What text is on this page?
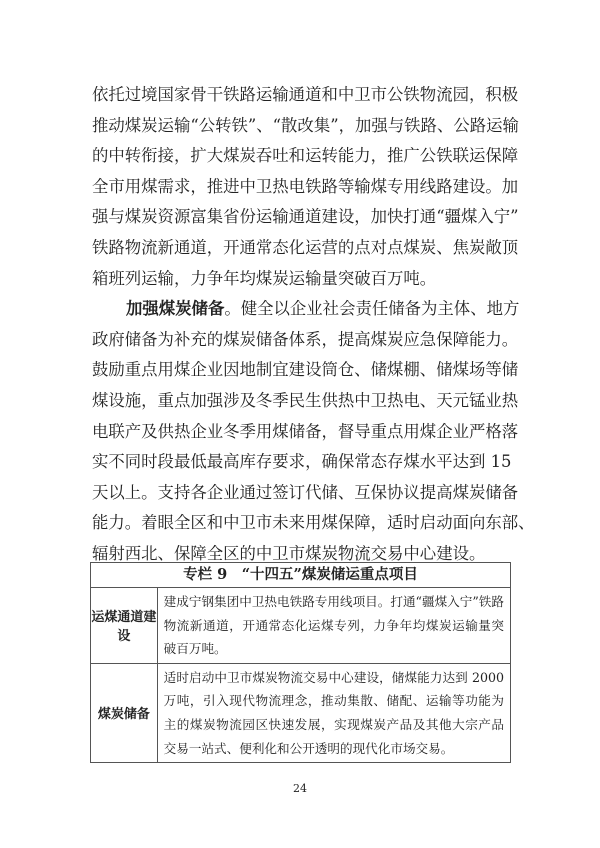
依托过境国家骨干铁路运输通道和中卫市公铁物流园，积极
推动煤炭运输“公转铁”、“散改集”，加强与铁路、公路运输
的中转衔接，扩大煤炭吞吐和运转能力，推广公铁联运保障
全市用煤需求，推进中卫热电铁路等输煤专用线路建设。加
强与煤炭资源富集省份运输通道建设，加快打通“疆煤入宁”
铁路物流新通道，开通常态化运营的点对点煤炭、焦炭敞顶
箱班列运输，力争年均煤炭运输量突破百万吨。
加强煤炭储备。健全以企业社会责任储备为主体、地方
政府储备为补充的煤炭储备体系，提高煤炭应急保障能力。
鼓励重点用煤企业因地制宜建设筒仓、储煤棚、储煤场等储
煤设施，重点加强涉及冬季民生供热中卫热电、天元锰业热
电联产及供热企业冬季用煤储备，督导重点用煤企业严格落
实不同时段最低最高库存要求，确保常态存煤水平达到 15
天以上。支持各企业通过签订代储、互保协议提高煤炭储备
能力。着眼全区和中卫市未来用煤保障，适时启动面向东部、
辐射西北、保障全区的中卫市煤炭物流交易中心建设。
专栏 9　“十四五”煤炭储运重点项目	
运煤通道建设	建成宁钢集团中卫热电铁路专用线项目。打通“疆煤入宁”铁路
物流新通道，开通常态化运煤专列，力争年均煤炭运输量突
破百万吨。

煤炭储备	适时启动中卫市煤炭物流交易中心建设，储煤能力达到 2000
万吨，引入现代物流理念，推动集散、储配、运输等功能为
主的煤炭物流园区快速发展，实现煤炭产品及其他大宗产品
交易一站式、便利化和公开透明的现代化市场交易。
24
